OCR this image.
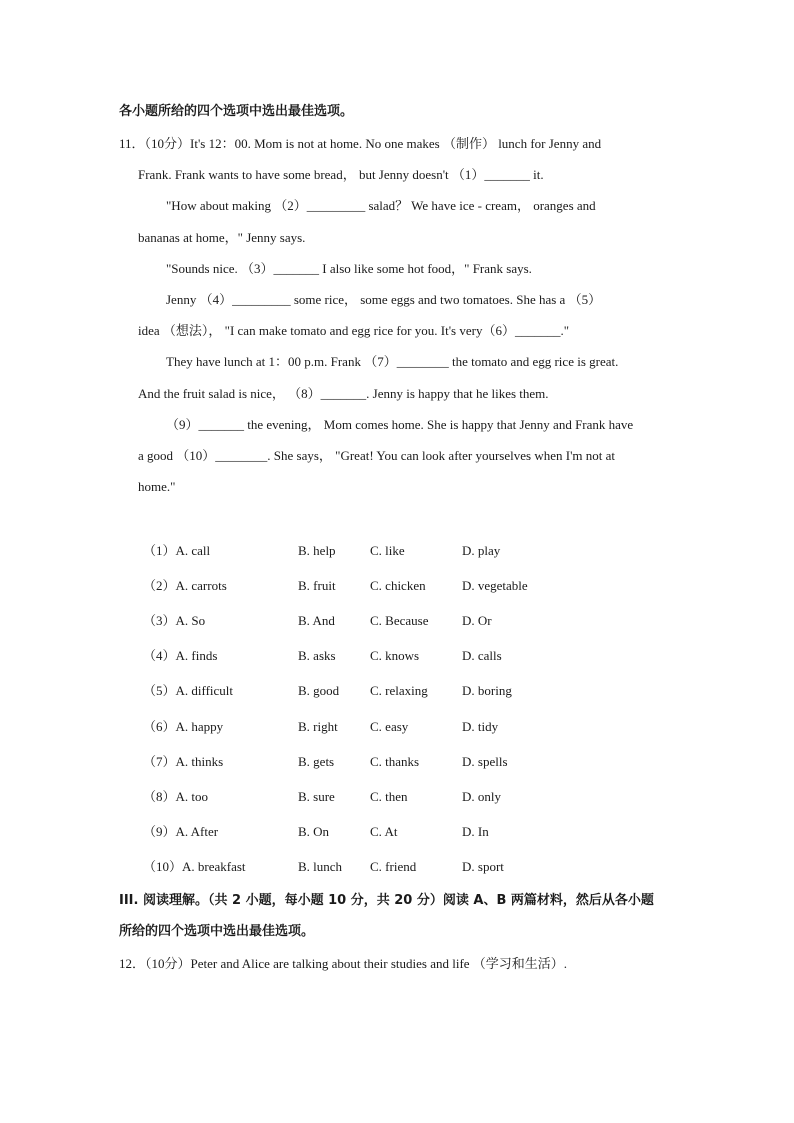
各小题所给的四个选项中选出最佳选项。
11．（10分）It's 12：00. Mom is not at home. No one makes （制作） lunch for Jenny and
Frank. Frank wants to have some bread， but Jenny doesn't （1）_______ it.
"How about making （2）_________ salad？ We have ice - cream， oranges and
bananas at home，" Jenny says.
"Sounds nice. （3）_______ I also like some hot food，" Frank says.
Jenny （4）_________ some rice， some eggs and two tomatoes. She has a （5）
idea （想法）， "I can make tomato and egg rice for you. It's very（6）_______."
They have lunch at 1：00 p.m. Frank （7）________ the tomato and egg rice is great.
And the fruit salad is nice， （8）_______. Jenny is happy that he likes them.
（9）_______ the evening， Mom comes home. She is happy that Jenny and Frank have
a good （10）________. She says， "Great! You can look after yourselves when I'm not at
home."
（1）A. call	B. help	C. like	D. play
（2）A. carrots	B. fruit	C. chicken	D. vegetable
（3）A. So	B. And	C. Because	D. Or
（4）A. finds	B. asks	C. knows	D. calls
（5）A. difficult	B. good C. relaxing	D. boring
（6）A. happy	B. right C. easy	D. tidy
（7）A. thinks	B. gets	C. thanks	D. spells
（8）A. too	B. sure	C. then	D. only
（9）A. After	B. On	C. At	D. In
（10）A. breakfast	B. lunch C. friend	D. sport
III. 阅读理解。（共 2 小题，每小题 10 分，共 20 分）阅读 A、B 两篇材料，然后从各小题
所给的四个选项中选出最佳选项。
12．（10分）Peter and Alice are talking about their studies and life （学习和生活）.
